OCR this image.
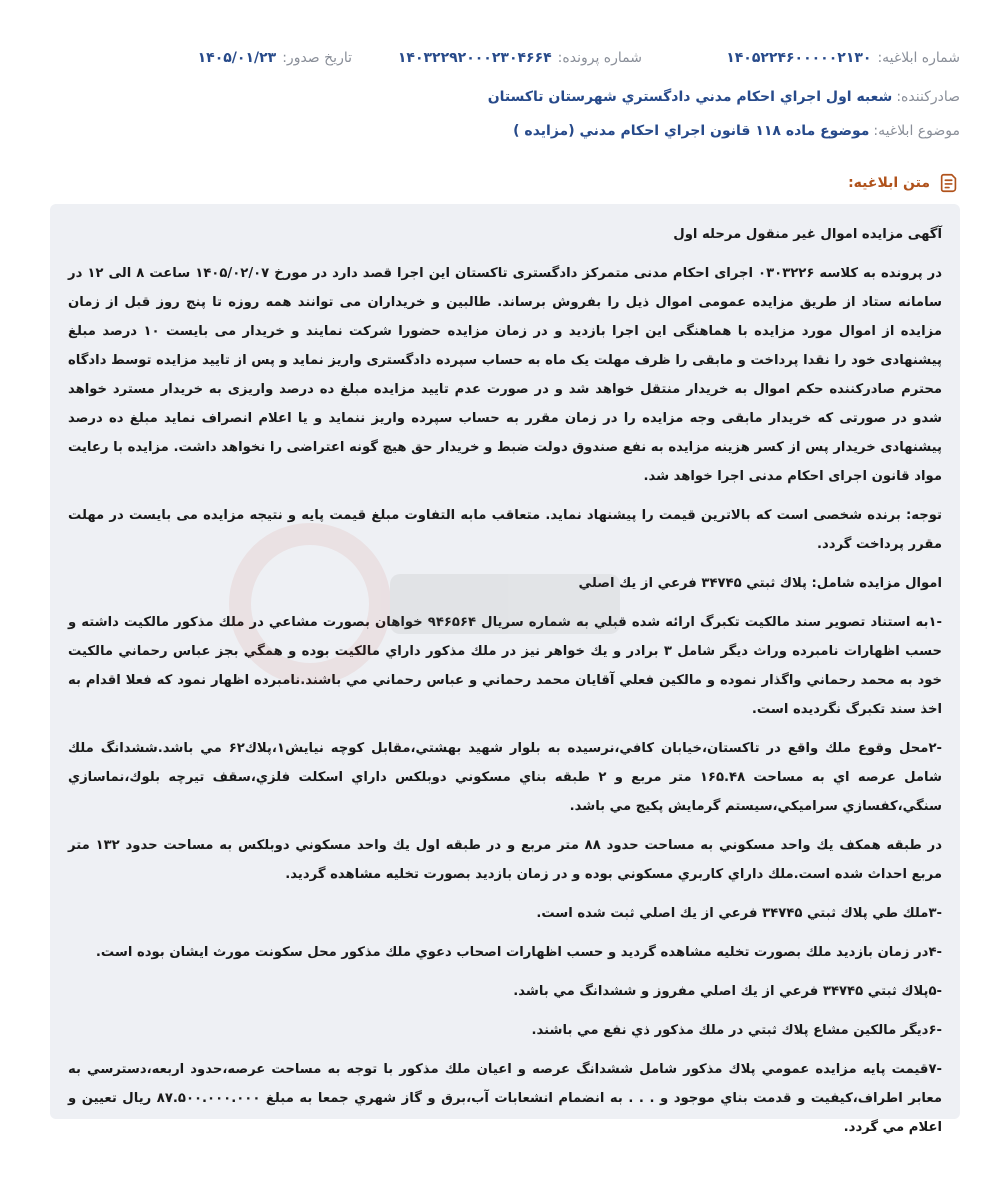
شماره ابلاغيه:
۱۴۰۵۲۲۴۶۰۰۰۰۰۲۱۳۰
شماره پرونده:
۱۴۰۳۲۲۹۲۰۰۰۲۳۰۴۶۶۴
تاريخ صدور:
۱۴۰۵/۰۱/۲۳
صادرکننده:
شعبه اول اجراي احكام مدني دادگستري شهرستان تاكستان
موضوع ابلاغيه:
موضوع ماده ۱۱۸ قانون اجراي احكام مدني (مزايده )
متن ابلاغیه:

آگهی مزایده اموال غیر منقول مرحله اول

در پرونده به کلاسه ۰۳۰۳۲۲۶ اجرای احکام مدنی متمرکز دادگستری تاکستان این اجرا قصد دارد در مورخ ۱۴۰۵/۰۲/۰۷ ساعت ۸ الی ۱۲ در سامانه ستاد از طریق مزایده عمومی اموال ذیل را بفروش برساند. طالبین و خریداران می توانند همه روزه تا پنج روز قبل از زمان مزایده از اموال مورد مزایده با هماهنگی این اجرا بازدید و در زمان مزایده حضورا شرکت نمایند و خریدار می بایست ۱۰ درصد مبلغ پیشنهادی خود را نقدا پرداخت و مابقی را ظرف مهلت یک ماه به حساب سپرده دادگستری واریز نماید و پس از تایید مزایده توسط دادگاه محترم صادرکننده حکم اموال به خریدار منتقل خواهد شد و در صورت عدم تایید مزایده مبلغ ده درصد واریزی به خریدار مسترد خواهد شدو در صورتی که خریدار مابقی وجه مزایده را در زمان مقرر به حساب سپرده واریز ننماید و یا اعلام انصراف نماید مبلغ ده درصد پیشنهادی خریدار پس از کسر هزینه مزایده به نفع صندوق دولت ضبط و خریدار حق هیچ گونه اعتراضی را نخواهد داشت. مزایده با رعایت مواد قانون اجرای احکام مدنی اجرا خواهد شد.

توجه: برنده شخصی است که بالاترین قیمت را پیشنهاد نماید. متعاقب مابه التفاوت مبلغ قیمت پایه و نتیجه مزایده می بایست در مهلت مقرر پرداخت گردد.

اموال مزایده شامل: پلاك ثبتي ۳۴۷۴۵ فرعي از يك اصلي

-۱به استناد تصوير سند مالكيت تكبرگ ارائه شده قبلي به شماره سريال ۹۴۶۵۶۴ خواهان بصورت مشاعي در ملك مذكور مالكيت داشته و حسب اظهارات نامبرده وراث ديگر شامل ۳ برادر و يك خواهر نيز در ملك مذكور داراي مالكيت بوده و همگي بجز عباس رحماني مالكيت خود به محمد رحماني واگذار نموده و مالكين فعلي آقايان محمد رحماني و عباس رحماني مي باشند.نامبرده اظهار نمود كه فعلا اقدام به اخذ سند تكبرگ نگرديده است.

-۲محل وقوع ملك واقع در تاكستان،خيابان كافي،نرسيده به بلوار شهيد بهشتي،مقابل كوچه نيايش۱،پلاك۶۲ مي باشد.ششدانگ ملك شامل عرصه اي به مساحت ۱۶۵.۴۸ متر مربع و ۲ طبقه بناي مسكوني دوبلكس داراي اسكلت فلزي،سقف تيرچه بلوك،نماسازي سنگي،كفسازي سراميكي،سيستم گرمايش پكيج مي باشد.

در طبقه همكف يك واحد مسكوني به مساحت حدود ۸۸ متر مربع و در طبقه اول يك واحد مسكوني دوبلكس به مساحت حدود ۱۳۲ متر مربع احداث شده است.ملك داراي كاربري مسكوني بوده و در زمان بازديد بصورت تخليه مشاهده گرديد.

-۳ملك طي پلاك ثبتي ۳۴۷۴۵ فرعي از يك اصلي ثبت شده است.

-۴در زمان بازديد ملك بصورت تخليه مشاهده گرديد و حسب اظهارات اصحاب دعوي ملك مذكور محل سكونت مورث ايشان بوده است.

-۵پلاك ثبتي ۳۴۷۴۵ فرعي از يك اصلي مفروز و ششدانگ مي باشد.

-۶ديگر مالكين مشاع پلاك ثبتي در ملك مذكور ذي نفع مي باشند.

-۷قيمت پايه مزايده عمومي پلاك مذكور شامل ششدانگ عرصه و اعيان ملك مذكور با توجه به مساحت عرصه،حدود اربعه،دسترسي به معابر اطراف،كيفيت و قدمت بناي موجود و . . . به انضمام انشعابات آب،برق و گاز شهري جمعا به مبلغ ۸۷.۵۰۰.۰۰۰.۰۰۰ ريال تعيين و اعلام مي گردد.
